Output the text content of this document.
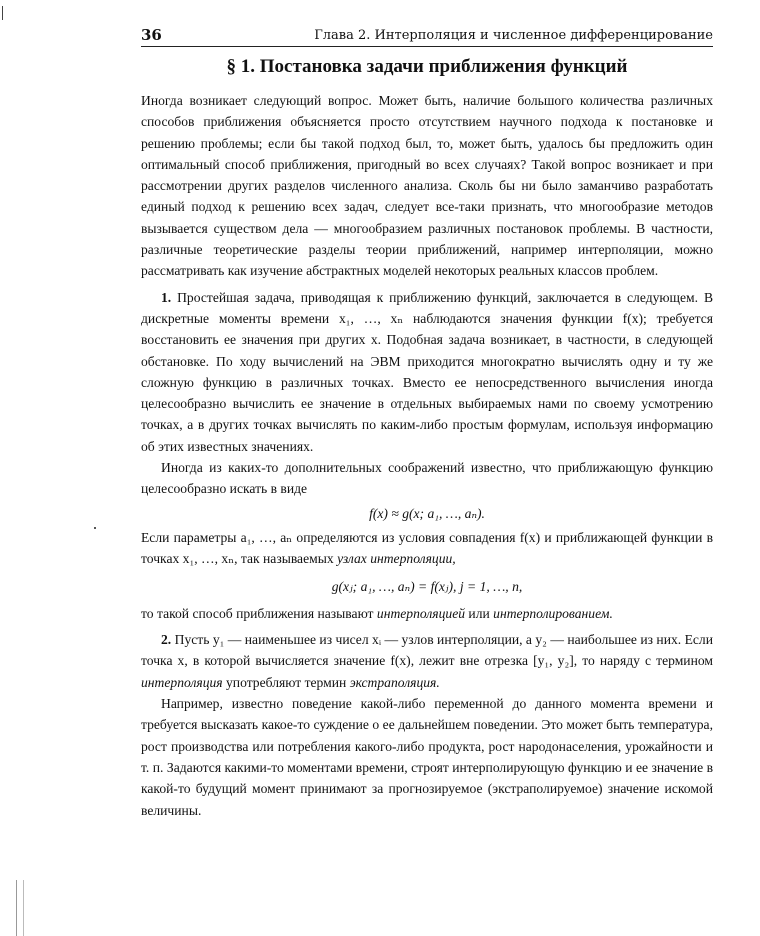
36	Глава 2. Интерполяция и численное дифференцирование
§ 1. Постановка задачи приближения функций

Иногда возникает следующий вопрос. Может быть, наличие большого количества различных способов приближения объясняется просто отсутствием научного подхода к постановке и решению проблемы; если бы такой подход был, то, может быть, удалось бы предложить один оптимальный способ приближения, пригодный во всех случаях? Такой вопрос возникает и при рассмотрении других разделов численного анализа. Сколь бы ни было заманчиво разработать единый подход к решению всех задач, следует все-таки признать, что многообразие методов вызывается существом дела — многообразием различных постановок проблемы. В частности, различные теоретические разделы теории приближений, например интерполяции, можно рассматривать как изучение абстрактных моделей некоторых реальных классов проблем.

1. Простейшая задача, приводящая к приближению функций, заключается в следующем. В дискретные моменты времени x₁, …, xₙ наблюдаются значения функции f(x); требуется восстановить ее значения при других x. Подобная задача возникает, в частности, в следующей обстановке. По ходу вычислений на ЭВМ приходится многократно вычислять одну и ту же сложную функцию в различных точках. Вместо ее непосредственного вычисления иногда целесообразно вычислить ее значение в отдельных выбираемых нами по своему усмотрению точках, а в других точках вычислять по каким-либо простым формулам, используя информацию об этих известных значениях.

Иногда из каких-то дополнительных соображений известно, что приближающую функцию целесообразно искать в виде

f(x) ≈ g(x; a₁, …, aₙ).

Если параметры a₁, …, aₙ определяются из условия совпадения f(x) и приближающей функции в точках x₁, …, xₙ, так называемых узлах интерполяции,

g(xⱼ; a₁, …, aₙ) = f(xⱼ), j = 1, …, n,

то такой способ приближения называют интерполяцией или интерполированием.

2. Пусть y₁ — наименьшее из чисел xᵢ — узлов интерполяции, а y₂ — наибольшее из них. Если точка x, в которой вычисляется значение f(x), лежит вне отрезка [y₁, y₂], то наряду с термином интерполяция употребляют термин экстраполяция.

Например, известно поведение какой-либо переменной до данного момента времени и требуется высказать какое-то суждение о ее дальнейшем поведении. Это может быть температура, рост производства или потребления какого-либо продукта, рост народонаселения, урожайности и т. п. Задаются какими-то моментами времени, строят интерполирующую функцию и ее значение в какой-то будущий момент принимают за прогнозируемое (экстраполируемое) значение искомой величины.
